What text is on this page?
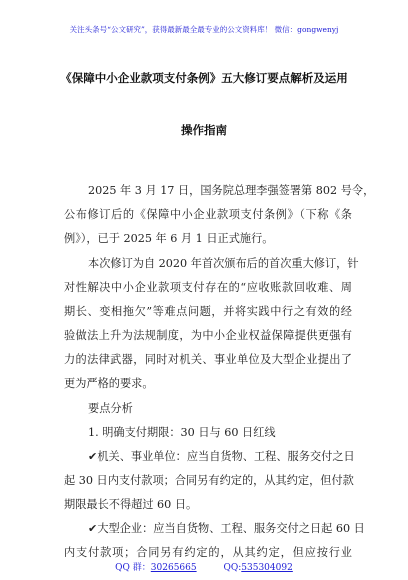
关注头条号“公文研究”，获得最新最全最专业的公文资料库！ 微信：gongwenyj
《保障中小企业款项支付条例》五大修订要点解析及运用
操作指南
2025 年 3 月 17 日，国务院总理李强签署第 802 号令，
公布修订后的《保障中小企业款项支付条例》（下称《条
例》），已于 2025 年 6 月 1 日正式施行。
本次修订为自 2020 年首次颁布后的首次重大修订，针
对性解决中小企业款项支付存在的“应收账款回收难、周
期长、变相拖欠”等难点问题，并将实践中行之有效的经
验做法上升为法规制度，为中小企业权益保障提供更强有
力的法律武器，同时对机关、事业单位及大型企业提出了
更为严格的要求。
要点分析
1. 明确支付期限：30 日与 60 日红线
✔机关、事业单位：应当自货物、工程、服务交付之日
起 30 日内支付款项；合同另有约定的，从其约定，但付款
期限最长不得超过 60 日。
✔大型企业：应当自货物、工程、服务交付之日起 60 日
内支付款项；合同另有约定的，从其约定，但应按行业
QQ 群：30265665	QQ:535304092
